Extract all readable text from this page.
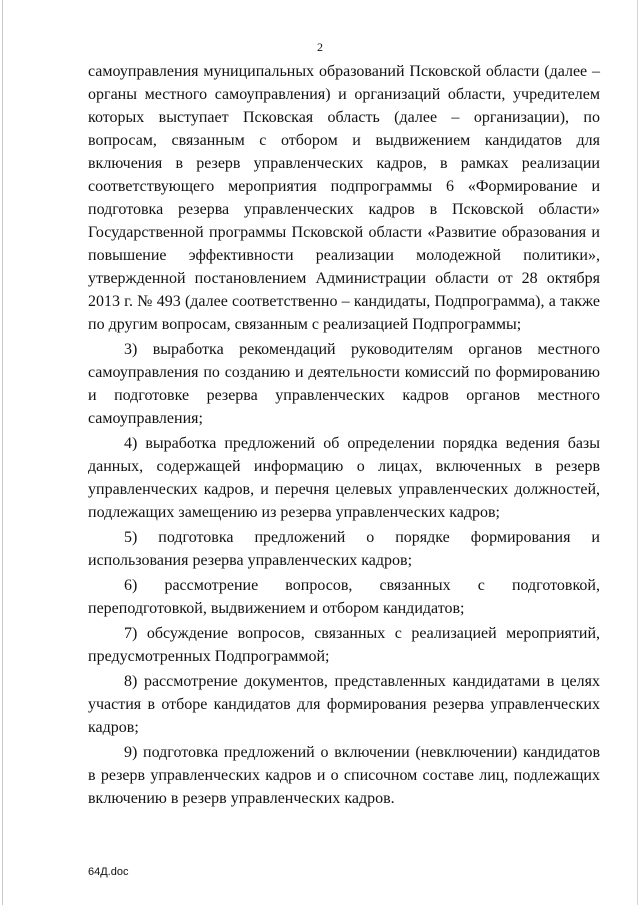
2

самоуправления муниципальных образований Псковской области (далее – органы местного самоуправления) и организаций области, учредителем которых выступает Псковская область (далее – организации), по вопросам, связанным с отбором и выдвижением кандидатов для включения в резерв управленческих кадров, в рамках реализации соответствующего мероприятия подпрограммы 6 «Формирование и подготовка резерва управленческих кадров в Псковской области» Государственной программы Псковской области «Развитие образования и повышение эффективности реализации молодежной политики», утвержденной постановлением Администрации области от 28 октября 2013 г. № 493 (далее соответственно – кандидаты, Подпрограмма), а также по другим вопросам, связанным с реализацией Подпрограммы;

3) выработка рекомендаций руководителям органов местного самоуправления по созданию и деятельности комиссий по формированию и подготовке резерва управленческих кадров органов местного самоуправления;

4) выработка предложений об определении порядка ведения базы данных, содержащей информацию о лицах, включенных в резерв управленческих кадров, и перечня целевых управленческих должностей, подлежащих замещению из резерва управленческих кадров;

5) подготовка предложений о порядке формирования и использования резерва управленческих кадров;

6) рассмотрение вопросов, связанных с подготовкой, переподготовкой, выдвижением и отбором кандидатов;

7) обсуждение вопросов, связанных с реализацией мероприятий, предусмотренных Подпрограммой;

8) рассмотрение документов, представленных кандидатами в целях участия в отборе кандидатов для формирования резерва управленческих кадров;

9) подготовка предложений о включении (невключении) кандидатов в резерв управленческих кадров и о списочном составе лиц, подлежащих включению в резерв управленческих кадров.

64Д.doc
